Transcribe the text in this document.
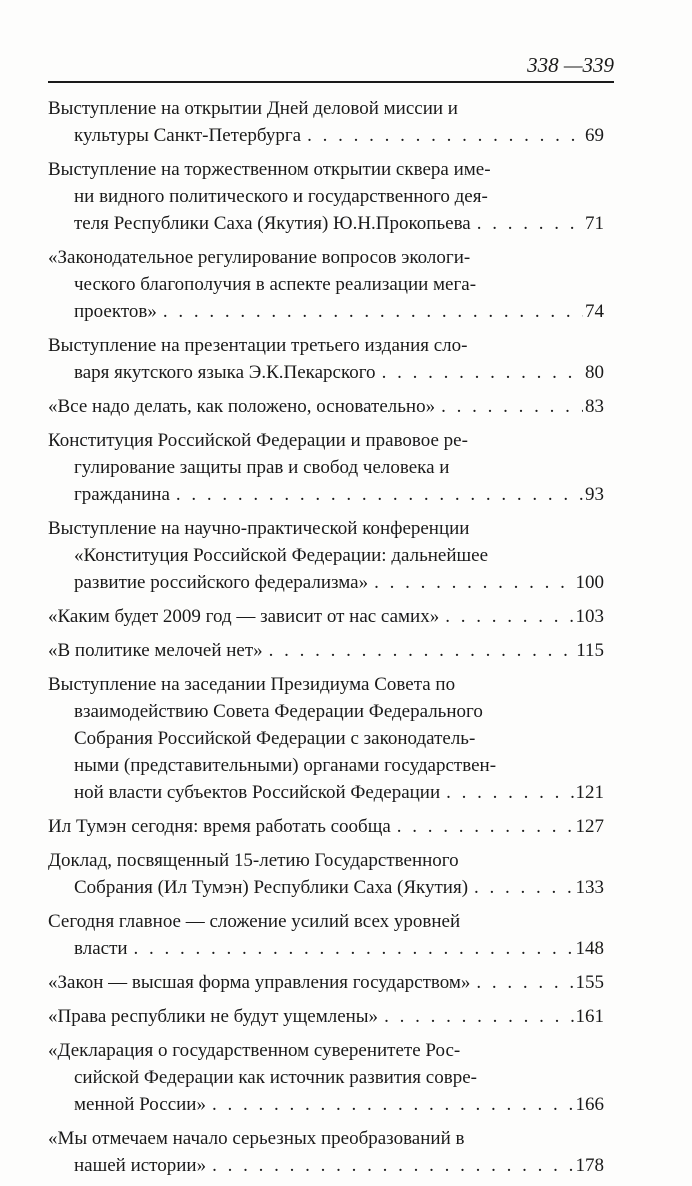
338 —339
Выступление на открытии Дней деловой миссии и
культуры Санкт-Петербурга . . .	69
Выступление на торжественном открытии сквера име-
ни видного политического и государственного дея-
теля Республики Саха (Якутия) Ю.Н.Прокопьева . . .	71
«Законодательное регулирование вопросов экологи-
ческого благополучия в аспекте реализации мега-
проектов» . . .	74
Выступление на презентации третьего издания сло-
варя якутского языка Э.К.Пекарского . . .	80
«Все надо делать, как положено, основательно» . . .	83
Конституция Российской Федерации и правовое ре-
гулирование защиты прав и свобод человека и
гражданина . . .	93
Выступление на научно-практической конференции
«Конституция Российской Федерации: дальнейшее
развитие российского федерализма» . . .	100
«Каким будет 2009 год — зависит от нас самих» . . .	103
«В политике мелочей нет» . . .	115
Выступление на заседании Президиума Совета по
взаимодействию Совета Федерации Федерального
Собрания Российской Федерации с законодатель-
ными (представительными) органами государствен-
ной власти субъектов Российской Федерации . . .	121
Ил Тумэн сегодня: время работать сообща . . .	127
Доклад, посвященный 15-летию Государственного
Собрания (Ил Тумэн) Республики Саха (Якутия) . . .	133
Сегодня главное — сложение усилий всех уровней
власти . . .	148
«Закон — высшая форма управления государством» . . .	155
«Права республики не будут ущемлены» . . .	161
«Декларация о государственном суверенитете Рос-
сийской Федерации как источник развития совре-
менной России» . . .	166
«Мы отмечаем начало серьезных преобразований в
нашей истории» . . .	178
